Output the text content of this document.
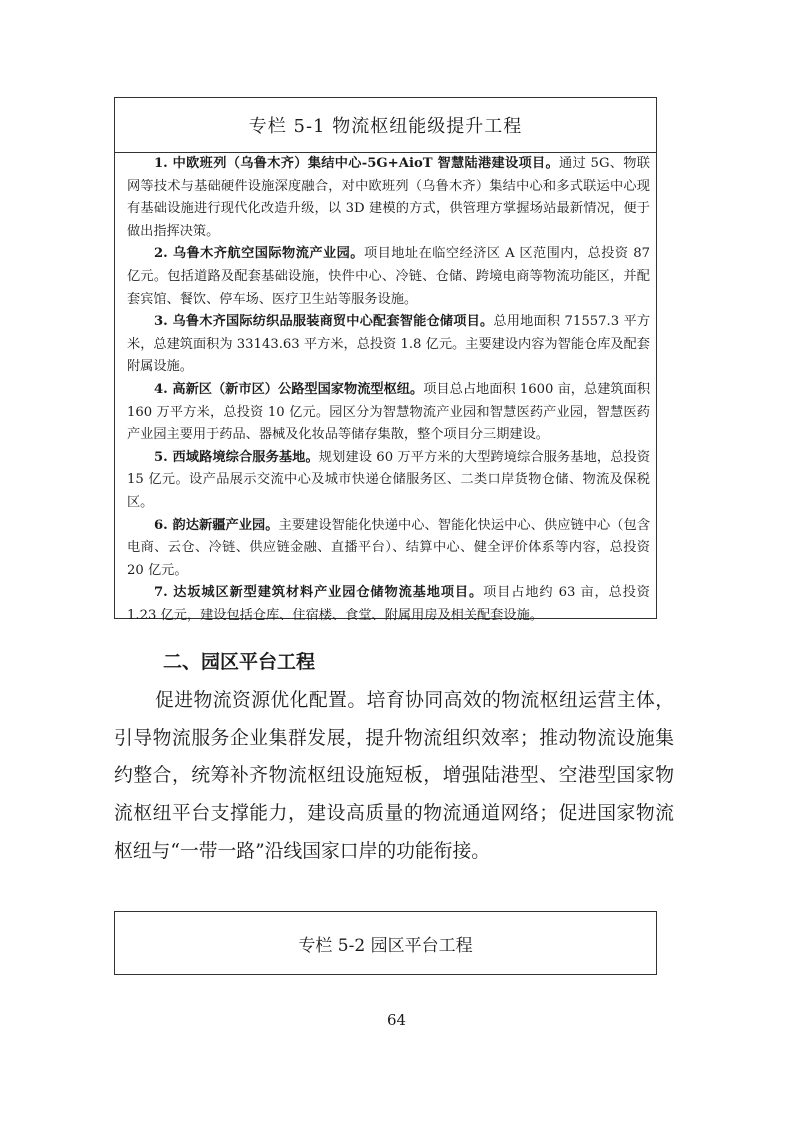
专栏 5-1 物流枢纽能级提升工程

1. 中欧班列（乌鲁木齐）集结中心-5G+AioT 智慧陆港建设项目。通过 5G、物联网等技术与基础硬件设施深度融合，对中欧班列（乌鲁木齐）集结中心和多式联运中心现有基础设施进行现代化改造升级，以 3D 建模的方式，供管理方掌握场站最新情况，便于做出指挥决策。

2. 乌鲁木齐航空国际物流产业园。项目地址在临空经济区 A 区范围内，总投资 87 亿元。包括道路及配套基础设施，快件中心、冷链、仓储、跨境电商等物流功能区，并配套宾馆、餐饮、停车场、医疗卫生站等服务设施。

3. 乌鲁木齐国际纺织品服装商贸中心配套智能仓储项目。总用地面积 71557.3 平方米，总建筑面积为 33143.63 平方米，总投资 1.8 亿元。主要建设内容为智能仓库及配套附属设施。

4. 高新区（新市区）公路型国家物流型枢纽。项目总占地面积 1600 亩，总建筑面积 160 万平方米，总投资 10 亿元。园区分为智慧物流产业园和智慧医药产业园，智慧医药产业园主要用于药品、器械及化妆品等储存集散，整个项目分三期建设。

5. 西域路境综合服务基地。规划建设 60 万平方米的大型跨境综合服务基地，总投资 15 亿元。设产品展示交流中心及城市快递仓储服务区、二类口岸货物仓储、物流及保税区。

6. 韵达新疆产业园。主要建设智能化快递中心、智能化快运中心、供应链中心（包含电商、云仓、冷链、供应链金融、直播平台）、结算中心、健全评价体系等内容，总投资 20 亿元。

7. 达坂城区新型建筑材料产业园仓储物流基地项目。项目占地约 63 亩，总投资 1.23 亿元，建设包括仓库、住宿楼、食堂、附属用房及相关配套设施。

二、园区平台工程

促进物流资源优化配置。培育协同高效的物流枢纽运营主体，引导物流服务企业集群发展，提升物流组织效率；推动物流设施集约整合，统筹补齐物流枢纽设施短板，增强陆港型、空港型国家物流枢纽平台支撑能力，建设高质量的物流通道网络；促进国家物流枢纽与“一带一路”沿线国家口岸的功能衔接。

专栏 5-2 园区平台工程
64
